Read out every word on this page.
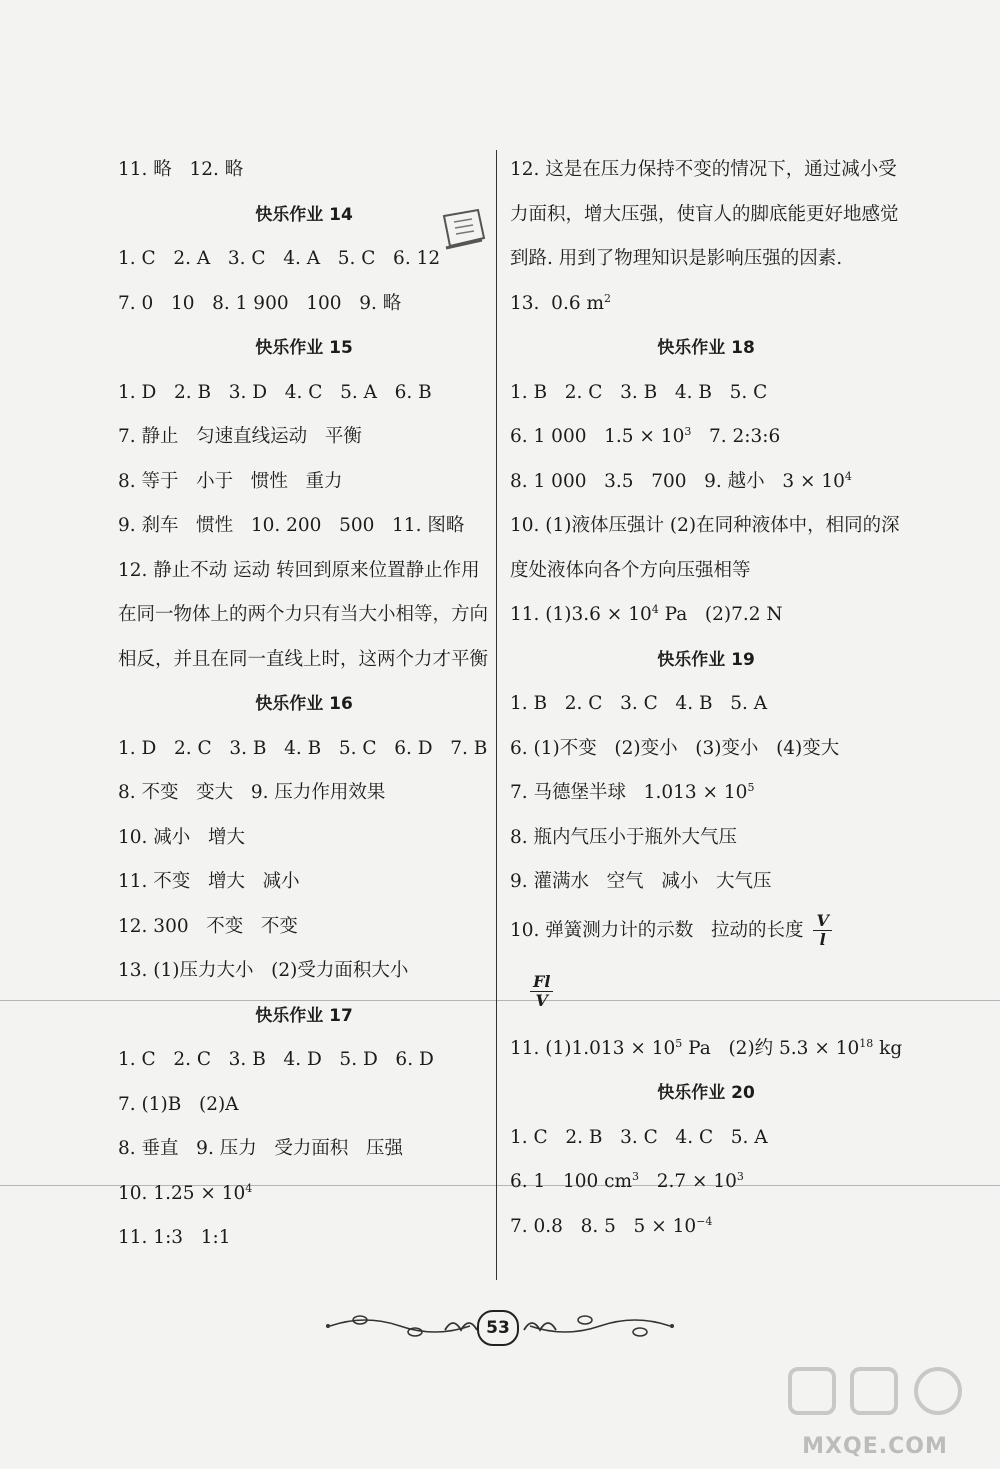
11. 略   12. 略
快乐作业 14
1. C   2. A   3. C   4. A   5. C   6. 12
7. 0   10   8. 1 900   100   9. 略
快乐作业 15
1. D   2. B   3. D   4. C   5. A   6. B
7. 静止   匀速直线运动   平衡
8. 等于   小于   惯性   重力
9. 刹车   惯性   10. 200   500   11. 图略
12. 静止不动 运动 转回到原来位置静止作用在同一物体上的两个力只有当大小相等，方向相反，并且在同一直线上时，这两个力才平衡
快乐作业 16
1. D   2. C   3. B   4. B   5. C   6. D   7. B
8. 不变   变大   9. 压力作用效果
10. 减小   增大
11. 不变   增大   减小
12. 300   不变   不变
13. (1)压力大小   (2)受力面积大小
快乐作业 17
1. C   2. C   3. B   4. D   5. D   6. D
7. (1)B   (2)A
8. 垂直   9. 压力   受力面积   压强
10. $1.25 \times 10^4$
11. 1:3   1:1
12. 这是在压力保持不变的情况下，通过减小受力面积，增大压强，使盲人的脚底能更好地感觉到路. 用到了物理知识是影响压强的因素.
13.  0.6 $m^2$
快乐作业 18
1. B   2. C   3. B   4. B   5. C
6. 1 000   $1.5 \times 10^3$   7. 2:3:6
8. 1 000   3.5   700   9. 越小   $3 \times 10^4$
10. (1)液体压强计 (2)在同种液体中，相同的深度处液体向各个方向压强相等
11. $(1)3.6 \times 10^4$ Pa   (2)7.2 N
快乐作业 19
1. B   2. C   3. C   4. B   5. A
6. (1)不变   (2)变小   (3)变小   (4)变大
7. 马德堡半球   $1.013 \times 10^5$
8. 瓶内气压小于瓶外大气压
9. 灌满水   空气   减小   大气压
10. 弹簧测力计的示数   拉动的长度 $\frac{V}{l}$
$\frac{Fl}{V}$
11. $(1)1.013 \times 10^5$ Pa   (2)约 $5.3 \times 10^{18}$ kg
快乐作业 20
1. C   2. B   3. C   4. C   5. A
6. 1   100 $cm^3$   $2.7 \times 10^3$
7. 0.8   8. 5   $5 \times 10^{-4}$
53
MXQE.COM
